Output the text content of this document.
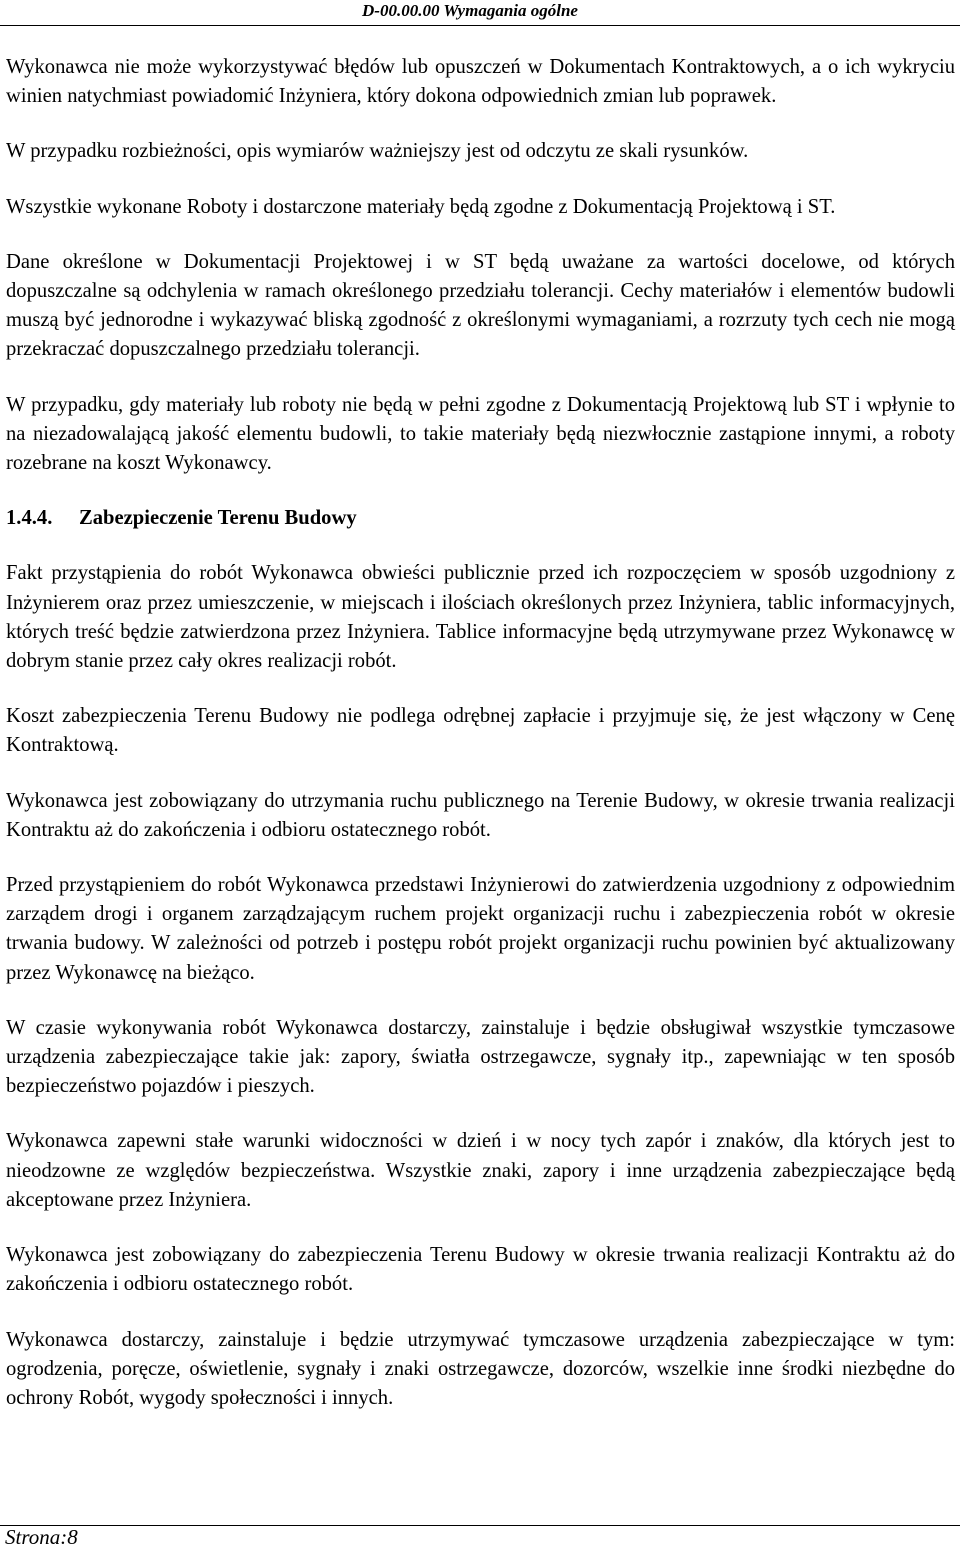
D-00.00.00 Wymagania ogólne

Wykonawca nie może wykorzystywać błędów lub opuszczeń w Dokumentach Kontraktowych, a o ich wykryciu winien natychmiast powiadomić Inżyniera, który dokona odpowiednich zmian lub poprawek.

W przypadku rozbieżności, opis wymiarów ważniejszy jest od odczytu ze skali rysunków.

Wszystkie wykonane Roboty i dostarczone materiały będą zgodne z Dokumentacją Projektową i ST.

Dane określone w Dokumentacji Projektowej i w ST będą uważane za wartości docelowe, od których dopuszczalne są odchylenia w ramach określonego przedziału tolerancji. Cechy materiałów i elementów budowli muszą być jednorodne i wykazywać bliską zgodność z określonymi wymaganiami, a rozrzuty tych cech nie mogą przekraczać dopuszczalnego przedziału tolerancji.

W przypadku, gdy materiały lub roboty nie będą w pełni zgodne z Dokumentacją Projektową lub ST i wpłynie to na niezadowalającą jakość elementu budowli, to takie materiały będą niezwłocznie zastąpione innymi, a roboty rozebrane na koszt Wykonawcy.

1.4.4. Zabezpieczenie Terenu Budowy

Fakt przystąpienia do robót Wykonawca obwieści publicznie przed ich rozpoczęciem w sposób uzgodniony z Inżynierem oraz przez umieszczenie, w miejscach i ilościach określonych przez Inżyniera, tablic informacyjnych, których treść będzie zatwierdzona przez Inżyniera. Tablice informacyjne będą utrzymywane przez Wykonawcę w dobrym stanie przez cały okres realizacji robót.

Koszt zabezpieczenia Terenu Budowy nie podlega odrębnej zapłacie i przyjmuje się, że jest włączony w Cenę Kontraktową.

Wykonawca jest zobowiązany do utrzymania ruchu publicznego na Terenie Budowy, w okresie trwania realizacji Kontraktu aż do zakończenia i odbioru ostatecznego robót.

Przed przystąpieniem do robót Wykonawca przedstawi Inżynierowi do zatwierdzenia uzgodniony z odpowiednim zarządem drogi i organem zarządzającym ruchem projekt organizacji ruchu i zabezpieczenia robót w okresie trwania budowy. W zależności od potrzeb i postępu robót projekt organizacji ruchu powinien być aktualizowany przez Wykonawcę na bieżąco.

W czasie wykonywania robót Wykonawca dostarczy, zainstaluje i będzie obsługiwał wszystkie tymczasowe urządzenia zabezpieczające takie jak: zapory, światła ostrzegawcze, sygnały itp., zapewniając w ten sposób bezpieczeństwo pojazdów i pieszych.

Wykonawca zapewni stałe warunki widoczności w dzień i w nocy tych zapór i znaków, dla których jest to nieodzowne ze względów bezpieczeństwa. Wszystkie znaki, zapory i inne urządzenia zabezpieczające będą akceptowane przez Inżyniera.

Wykonawca jest zobowiązany do zabezpieczenia Terenu Budowy w okresie trwania realizacji Kontraktu aż do zakończenia i odbioru ostatecznego robót.

Wykonawca dostarczy, zainstaluje i będzie utrzymywać tymczasowe urządzenia zabezpieczające w tym: ogrodzenia, poręcze, oświetlenie, sygnały i znaki ostrzegawcze, dozorców, wszelkie inne środki niezbędne do ochrony Robót, wygody społeczności i innych.

Strona:8
